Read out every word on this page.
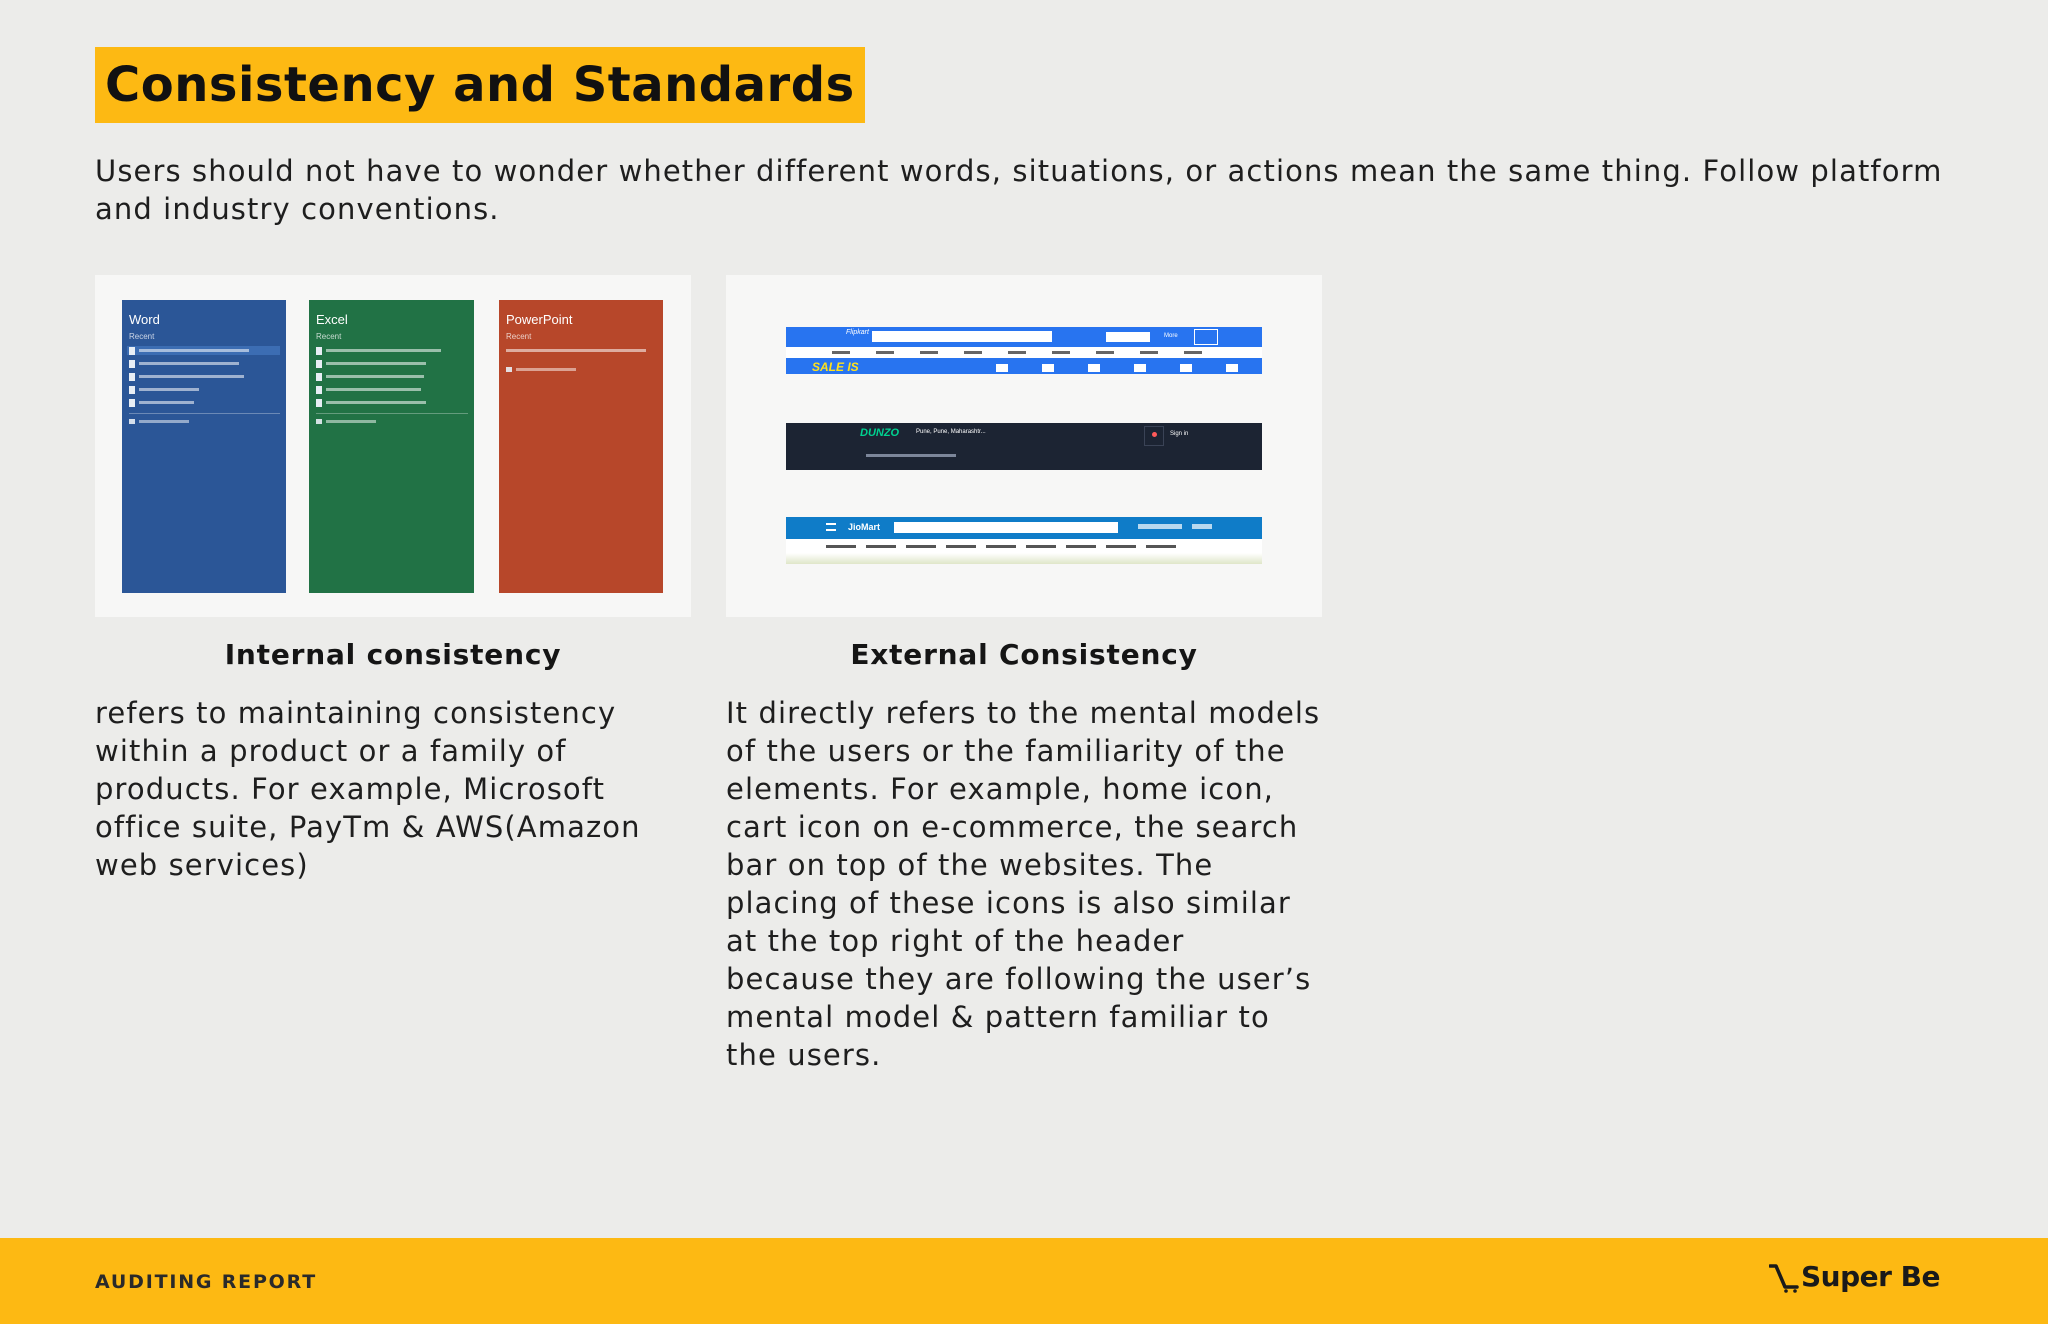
Consistency and Standards

Users should not have to wonder whether different words, situations, or actions mean the same thing. Follow platform and industry conventions.

Word
Recent
Excel
Recent
PowerPoint
Recent	Flipkart	More
SALE IS
DUNZO	Pune, Pune, Maharashtr...	Sign in
JioMart
Internal consistency	External Consistency

refers to maintaining consistency within a product or a family of products. For example, Microsoft office suite, PayTm & AWS(Amazon web services)

It directly refers to the mental models of the users or the familiarity of the elements. For example, home icon, cart icon on e-commerce, the search bar on top of the websites. The placing of these icons is also similar at the top right of the header because they are following the user’s mental model & pattern familiar to the users.

AUDITING REPORT	Super Be
